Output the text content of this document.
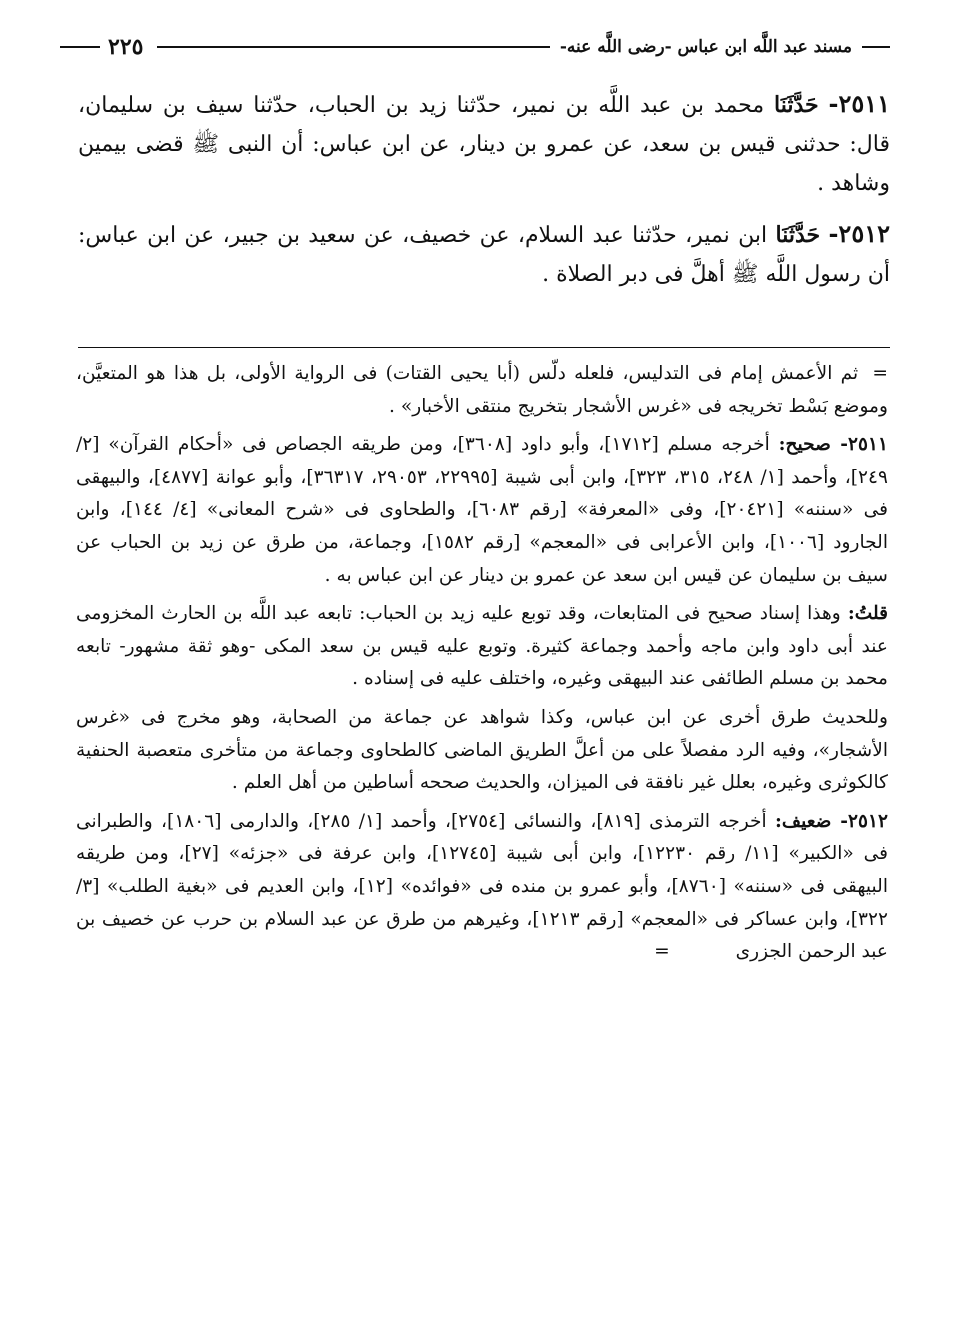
مسند عبد اللَّه ابن عباس -رضى اللَّه عنه-
٢٢٥

٢٥١١- حَدَّثَنَا محمد بن عبد اللَّه بن نمير، حدّثنا زيد بن الحباب، حدّثنا سيف بن سليمان، قال: حدثنى قيس بن سعد، عن عمرو بن دينار، عن ابن عباس: أن النبى ﷺ قضى بيمين وشاهد .

٢٥١٢- حَدَّثَنَا ابن نمير، حدّثنا عبد السلام، عن خصيف، عن سعيد بن جبير، عن ابن عباس: أن رسول اللَّه ﷺ أهلَّ فى دبر الصلاة .

= ثم الأعمش إمام فى التدليس، فلعله دلّس (أبا يحيى القتات) فى الرواية الأولى، بل هذا هو المتعيَّن، وموضع بَسْط تخريجه فى «غرس الأشجار بتخريج منتقى الأخبار» .

٢٥١١- صحيح: أخرجه مسلم [١٧١٢]، وأبو داود [٣٦٠٨]، ومن طريقه الجصاص فى «أحكام القرآن» [٢/ ٢٤٩]، وأحمد [١/ ٢٤٨، ٣١٥، ٣٢٣]، وابن أبى شيبة [٢٢٩٩٥، ٢٩٠٥٣، ٣٦٣١٧]، وأبو عوانة [٤٨٧٧]، والبيهقى فى «سننه» [٢٠٤٢١]، وفى «المعرفة» [رقم ٦٠٨٣]، والطحاوى فى «شرح المعانى» [٤/ ١٤٤]، وابن الجارود [١٠٠٦]، وابن الأعرابى فى «المعجم» [رقم ١٥٨٢]، وجماعة، من طرق عن زيد بن الحباب عن سيف بن سليمان عن قيس ابن سعد عن عمرو بن دينار عن ابن عباس به .

قلتُ: وهذا إسناد صحيح فى المتابعات، وقد توبع عليه زيد بن الحباب: تابعه عبد اللَّه بن الحارث المخزومى عند أبى داود وابن ماجه وأحمد وجماعة كثيرة. وتوبع عليه قيس بن سعد المكى -وهو ثقة مشهور- تابعه محمد بن مسلم الطائفى عند البيهقى وغيره، واختلف عليه فى إسناده .

وللحديث طرق أخرى عن ابن عباس، وكذا شواهد عن جماعة من الصحابة، وهو مخرج فى «غرس الأشجار»، وفيه الرد مفصلاً على من أعلَّ الطريق الماضى كالطحاوى وجماعة من متأخرى متعصبة الحنفية كالكوثرى وغيره، بعلل غير نافقة فى الميزان، والحديث صححه أساطين من أهل العلم .

٢٥١٢- ضعيف: أخرجه الترمذى [٨١٩]، والنسائى [٢٧٥٤]، وأحمد [١/ ٢٨٥]، والدارمى [١٨٠٦]، والطبرانى فى «الكبير» [١١/ رقم ١٢٢٣٠]، وابن أبى شيبة [١٢٧٤٥]، وابن عرفة فى «جزئه» [٢٧]، ومن طريقه البيهقى فى «سننه» [٨٧٦٠]، وأبو عمرو بن منده فى «فوائده» [١٢]، وابن العديم فى «بغية الطلب» [٣/ ٣٢٢]، وابن عساكر فى «المعجم» [رقم ١٢١٣]، وغيرهم من طرق عن عبد السلام بن حرب عن خصيف بن عبد الرحمن الجزرى =
